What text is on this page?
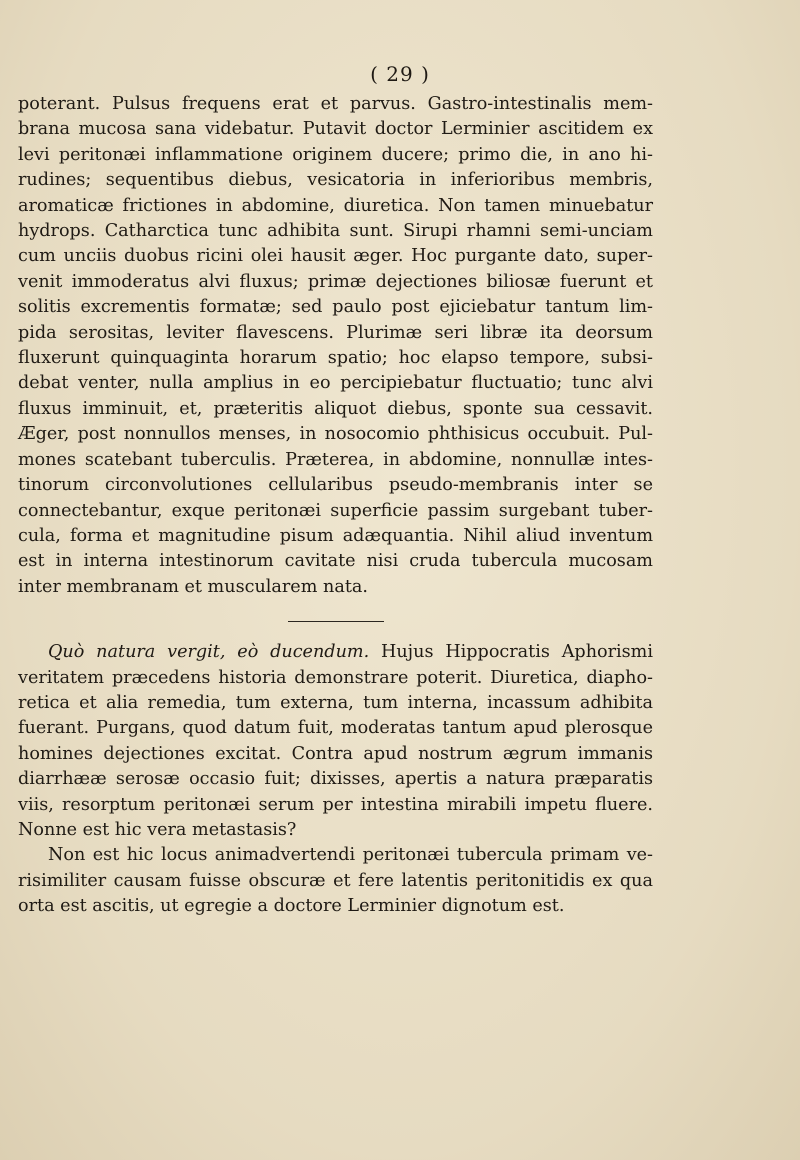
( 29 )
poterant. Pulsus frequens erat et parvus. Gastro-intestinalis mem-
brana mucosa sana videbatur. Putavit doctor Lerminier ascitidem ex
levi peritonæi inflammatione originem ducere; primo die, in ano hi-
rudines; sequentibus diebus, vesicatoria in inferioribus membris,
aromaticæ frictiones in abdomine, diuretica. Non tamen minuebatur
hydrops. Catharctica tunc adhibita sunt. Sirupi rhamni semi-unciam
cum unciis duobus ricini olei hausit æger. Hoc purgante dato, super-
venit immoderatus alvi fluxus; primæ dejectiones biliosæ fuerunt et
solitis excrementis formatæ; sed paulo post ejiciebatur tantum lim-
pida serositas, leviter flavescens. Plurimæ seri libræ ita deorsum
fluxerunt quinquaginta horarum spatio; hoc elapso tempore, subsi-
debat venter, nulla amplius in eo percipiebatur fluctuatio; tunc alvi
fluxus imminuit, et, præteritis aliquot diebus, sponte sua cessavit.
Æger, post nonnullos menses, in nosocomio phthisicus occubuit. Pul-
mones scatebant tuberculis. Præterea, in abdomine, nonnullæ intes-
tinorum circonvolutiones cellularibus pseudo-membranis inter se
connectebantur, exque peritonæi superficie passim surgebant tuber-
cula, forma et magnitudine pisum adæquantia. Nihil aliud inventum
est in interna intestinorum cavitate nisi cruda tubercula mucosam
inter membranam et muscularem nata.
Quò natura vergit, eò ducendum. Hujus Hippocratis Aphorismi
veritatem præcedens historia demonstrare poterit. Diuretica, diapho-
retica et alia remedia, tum externa, tum interna, incassum adhibita
fuerant. Purgans, quod datum fuit, moderatas tantum apud plerosque
homines dejectiones excitat. Contra apud nostrum ægrum immanis
diarrhææ serosæ occasio fuit; dixisses, apertis a natura præparatis
viis, resorptum peritonæi serum per intestina mirabili impetu fluere.
Nonne est hic vera metastasis?
Non est hic locus animadvertendi peritonæi tubercula primam ve-
risimiliter causam fuisse obscuræ et fere latentis peritonitidis ex qua
orta est ascitis, ut egregie a doctore Lerminier dignotum est.
